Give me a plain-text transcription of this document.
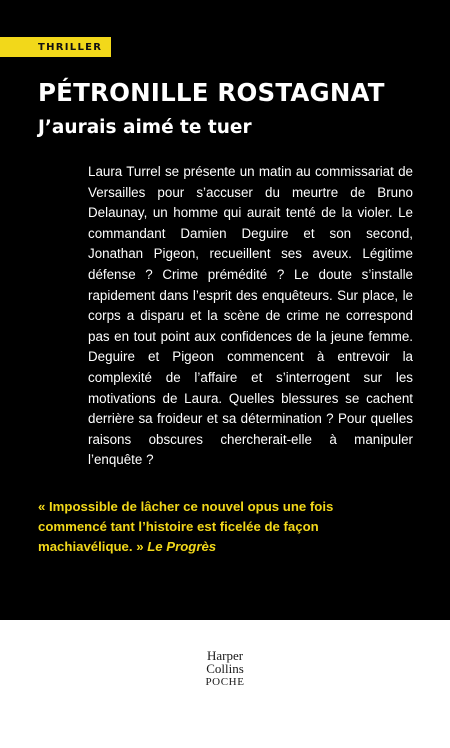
THRILLER
PÉTRONILLE ROSTAGNAT
J’aurais aimé te tuer

Laura Turrel se présente un matin au commissariat de Versailles pour s’accuser du meurtre de Bruno Delaunay, un homme qui aurait tenté de la violer. Le commandant Damien Deguire et son second, Jonathan Pigeon, recueillent ses aveux. Légitime défense ? Crime prémédité ? Le doute s’installe rapidement dans l’esprit des enquêteurs. Sur place, le corps a disparu et la scène de crime ne correspond pas en tout point aux confidences de la jeune femme. Deguire et Pigeon commencent à entrevoir la complexité de l’affaire et s’interrogent sur les motivations de Laura. Quelles blessures se cachent derrière sa froideur et sa détermination ? Pour quelles raisons obscures chercherait-elle à manipuler l’enquête ?

« Impossible de lâcher ce nouvel opus une fois commencé tant l’histoire est ficelée de façon machiavélique. » Le Progrès

Harper
Collins
POCHE
